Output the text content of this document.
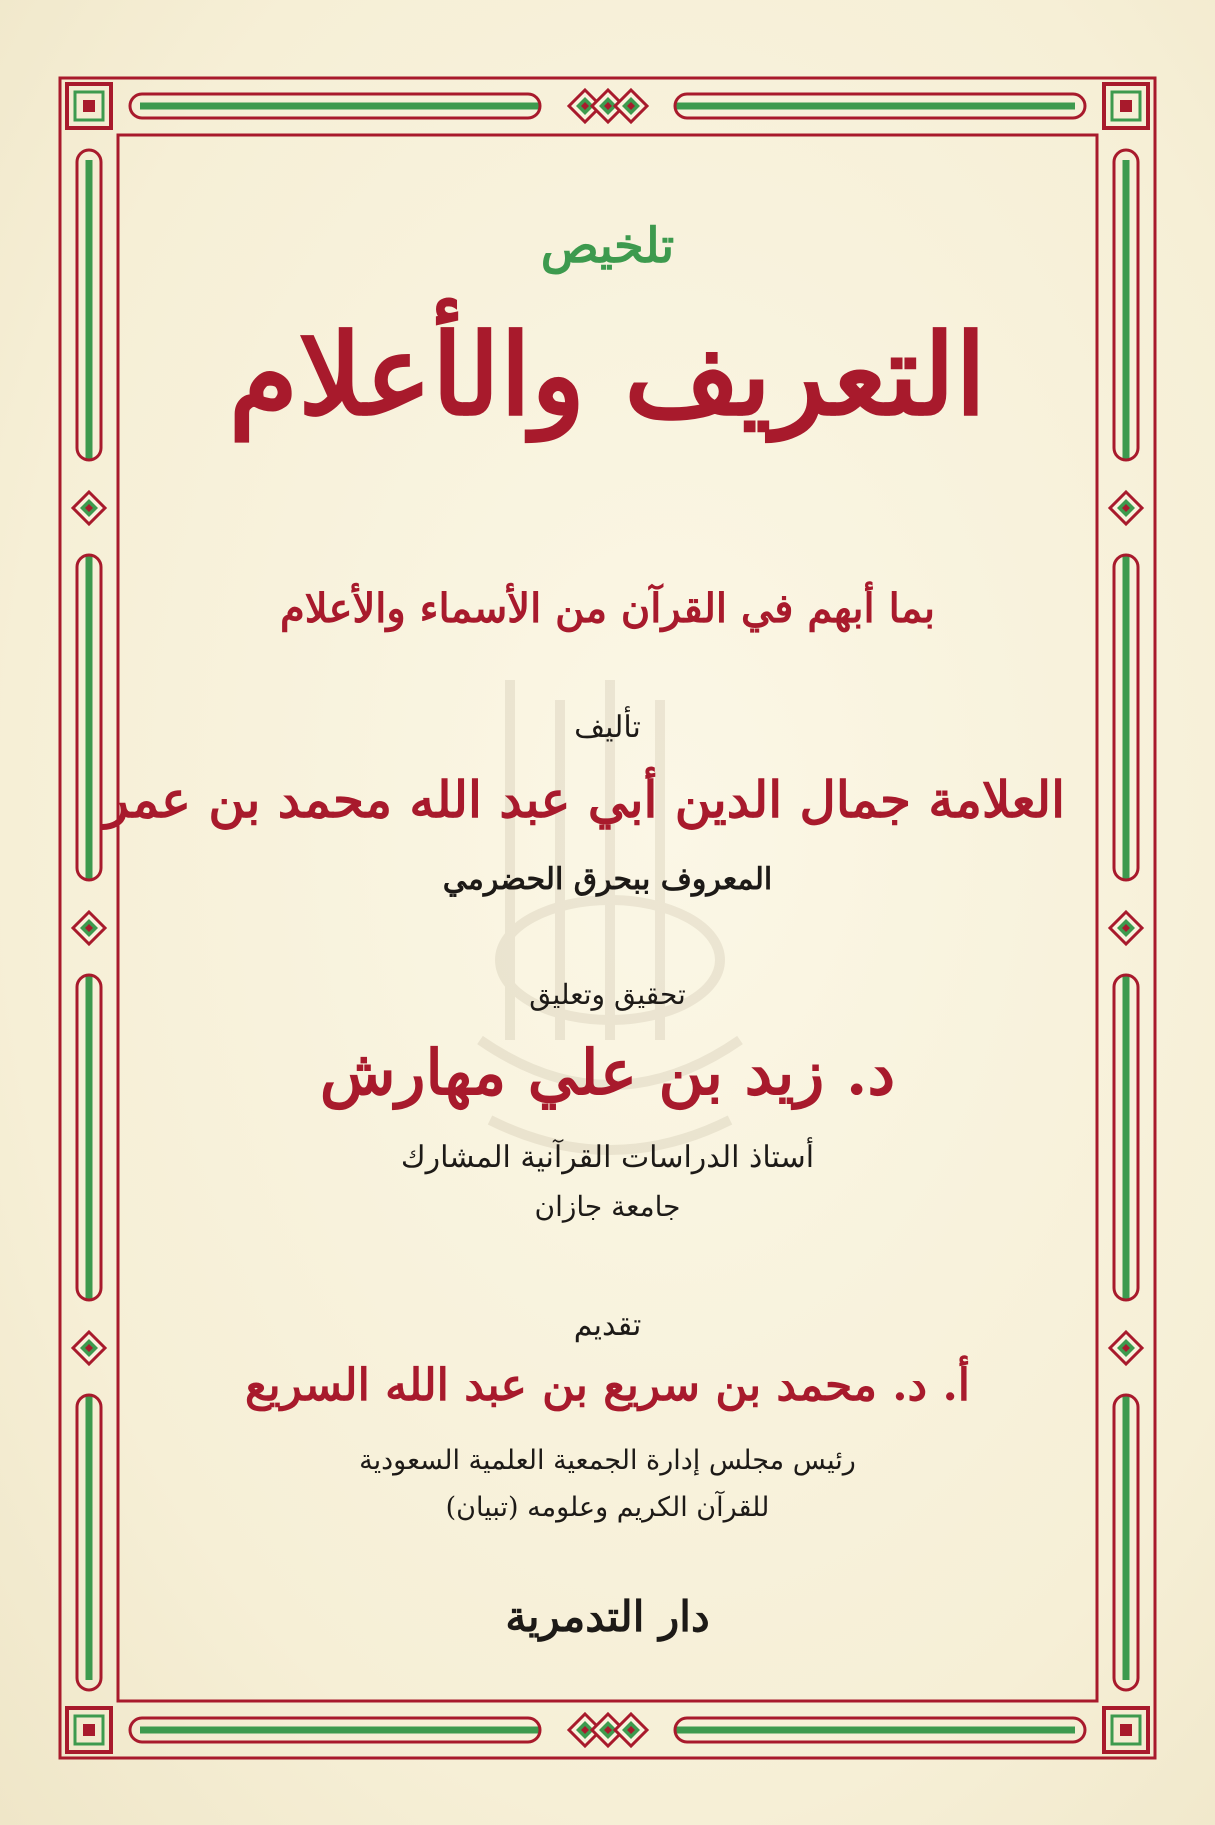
تلخيص
التعريف والأعلام
بما أبهم في القرآن من الأسماء والأعلام
تأليف
العلامة جمال الدين أبي عبد الله محمد بن عمر
المعروف ببحرق الحضرمي
تحقيق وتعليق
د. زيد بن علي مهارش
أستاذ الدراسات القرآنية المشارك
جامعة جازان
تقديم
أ. د. محمد بن سريع بن عبد الله السريع
رئيس مجلس إدارة الجمعية العلمية السعودية
للقرآن الكريم وعلومه (تبيان)
دار التدمرية
